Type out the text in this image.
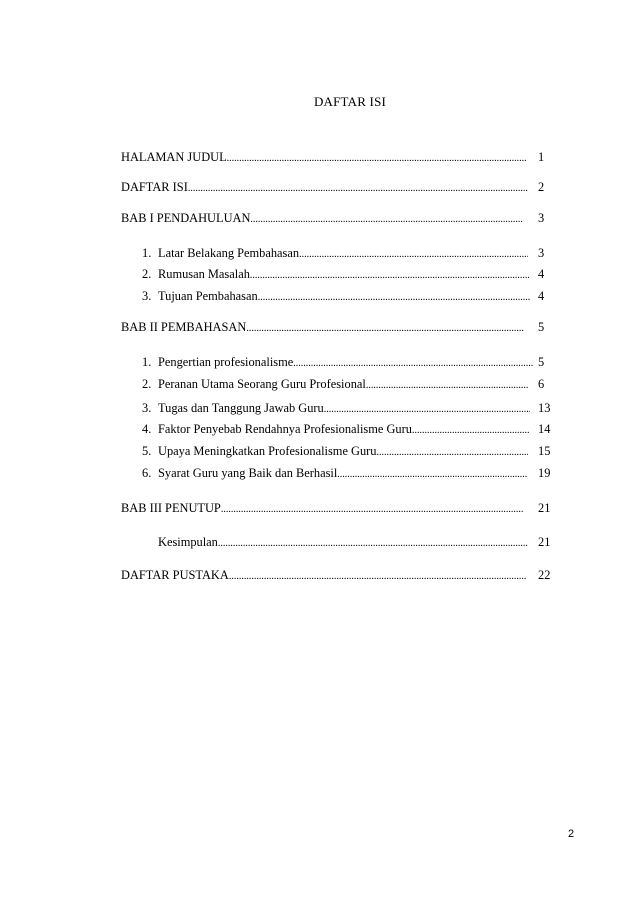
DAFTAR ISI
HALAMAN JUDUL .....	1
DAFTAR ISI .....	2
BAB I PENDAHULUAN .....	3
1. Latar Belakang Pembahasan .....	3
2. Rumusan Masalah .....	4
3. Tujuan Pembahasan .....	4
BAB II PEMBAHASAN .....	5
1. Pengertian profesionalisme .....	5
2. Peranan Utama Seorang Guru Profesional .....	6
3. Tugas dan Tanggung Jawab Guru .....	13
4. Faktor Penyebab Rendahnya Profesionalisme Guru .....	14
5. Upaya Meningkatkan Profesionalisme Guru .....	15
6. Syarat Guru yang Baik dan Berhasil .....	19
BAB III PENUTUP .....	21
Kesimpulan .....	21
DAFTAR PUSTAKA .....	22
2
